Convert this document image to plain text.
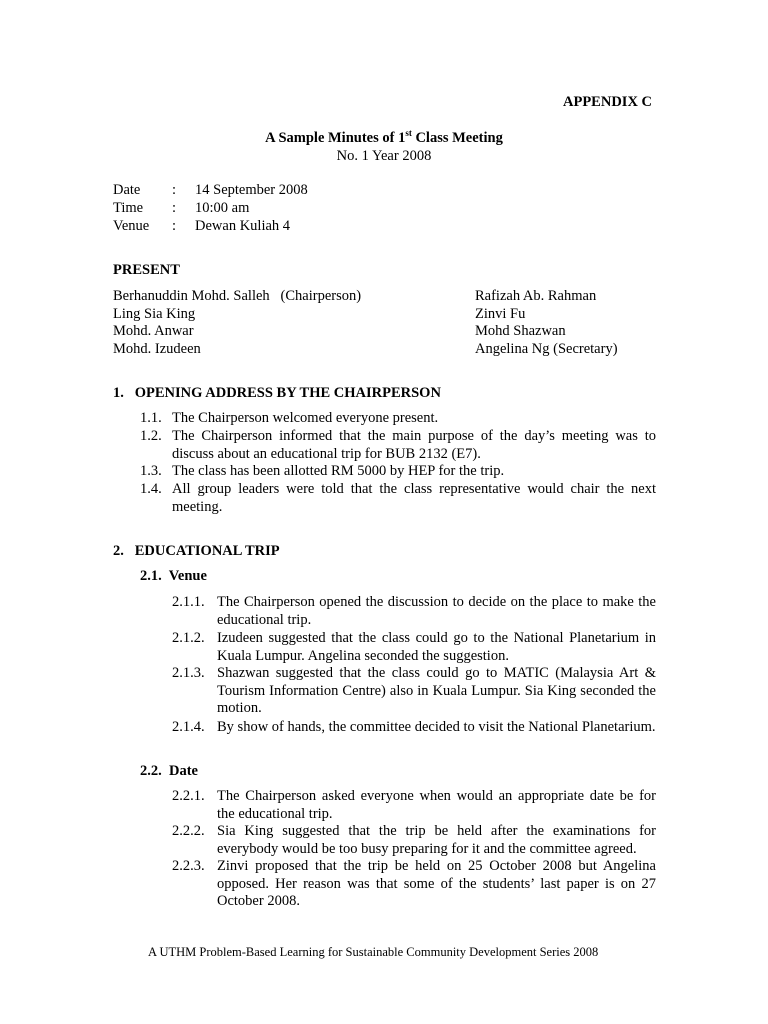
APPENDIX C
A Sample Minutes of 1st Class Meeting
No. 1 Year 2008
Date : 14 September 2008
Time : 10:00 am
Venue : Dewan Kuliah 4
PRESENT
Berhanuddin Mohd. Salleh   (Chairperson)
Ling Sia King
Mohd. Anwar
Mohd. Izudeen
Rafizah Ab. Rahman
Zinvi Fu
Mohd Shazwan
Angelina Ng (Secretary)
1.   OPENING ADDRESS BY THE CHAIRPERSON
1.1. The Chairperson welcomed everyone present.
1.2. The Chairperson informed that the main purpose of the day’s meeting was to discuss about an educational trip for BUB 2132 (E7).
1.3. The class has been allotted RM 5000 by HEP for the trip.
1.4. All group leaders were told that the class representative would chair the next meeting.
2.   EDUCATIONAL TRIP
2.1.  Venue
2.1.1. The Chairperson opened the discussion to decide on the place to make the educational trip.
2.1.2. Izudeen suggested that the class could go to the National Planetarium in Kuala Lumpur. Angelina seconded the suggestion.
2.1.3. Shazwan suggested that the class could go to MATIC (Malaysia Art & Tourism Information Centre) also in Kuala Lumpur. Sia King seconded the motion.
2.1.4. By show of hands, the committee decided to visit the National Planetarium.
2.2.  Date
2.2.1. The Chairperson asked everyone when would an appropriate date be for the educational trip.
2.2.2. Sia King suggested that the trip be held after the examinations for everybody would be too busy preparing for it and the committee agreed.
2.2.3. Zinvi proposed that the trip be held on 25 October 2008 but Angelina opposed. Her reason was that some of the students’ last paper is on 27 October 2008.
A UTHM Problem-Based Learning for Sustainable Community Development Series 2008
